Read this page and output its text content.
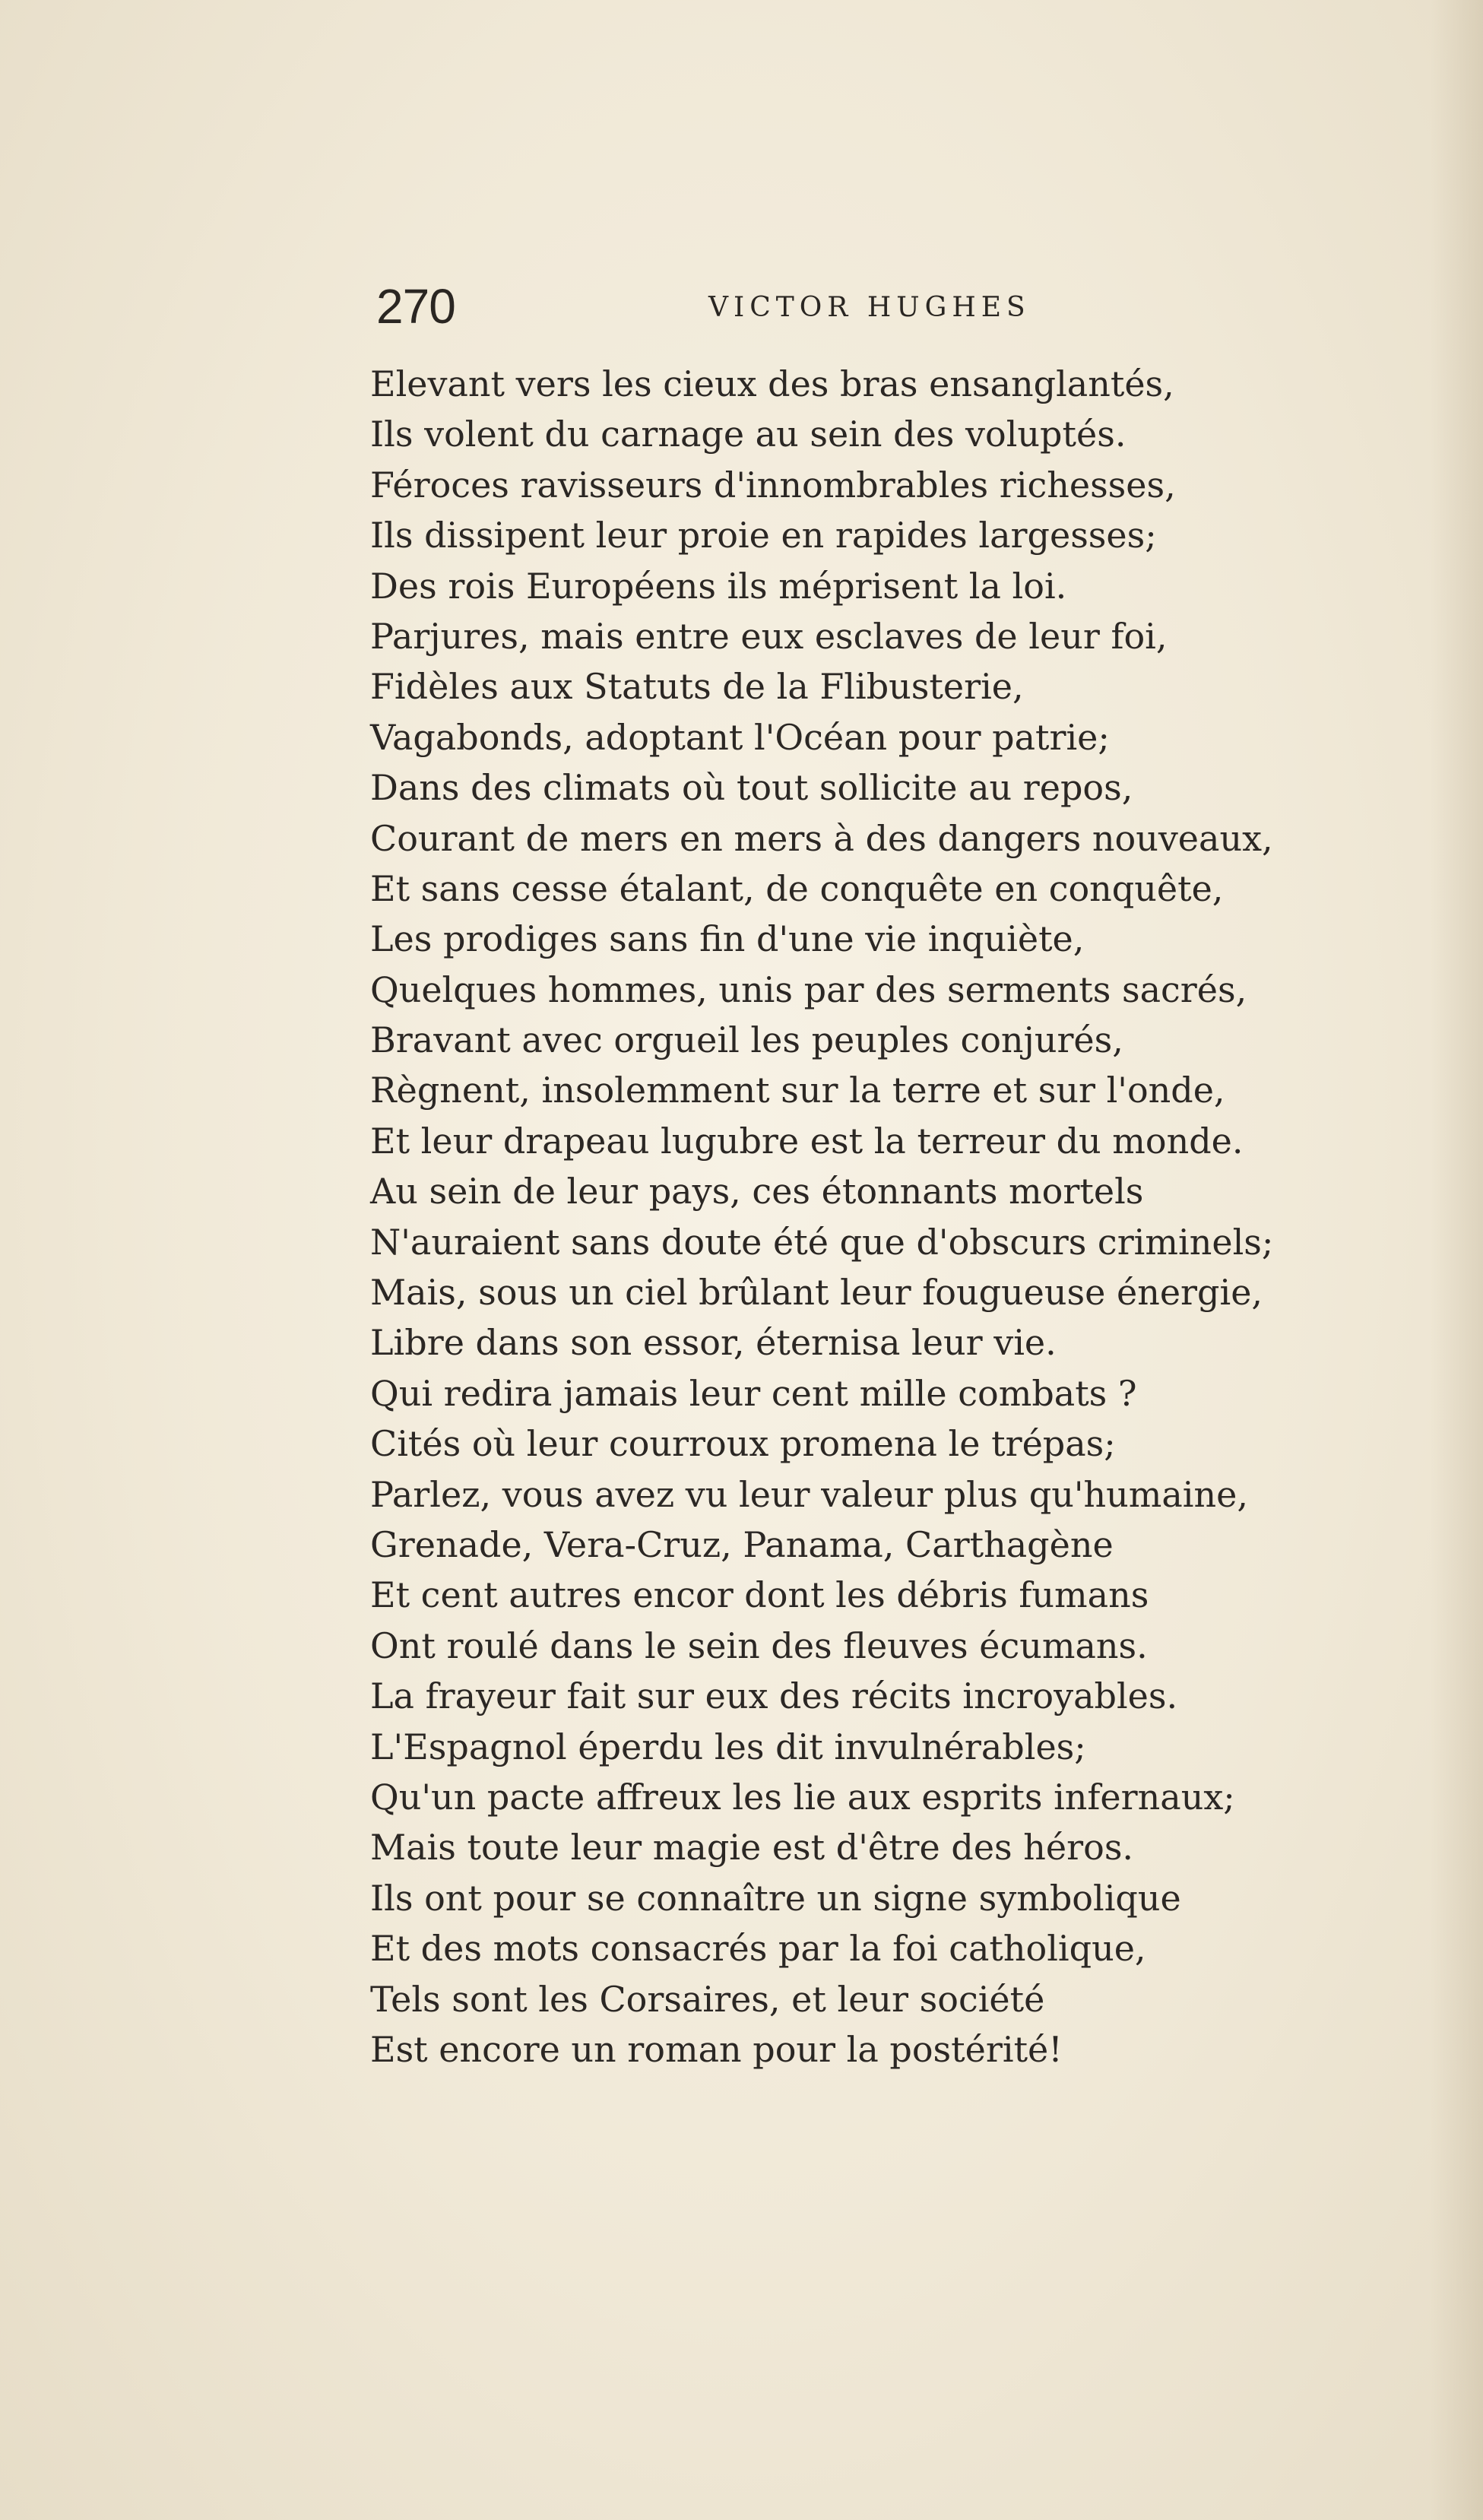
270	VICTOR HUGHES
Elevant vers les cieux des bras ensanglantés,
Ils volent du carnage au sein des voluptés.
Féroces ravisseurs d'innombrables richesses,
Ils dissipent leur proie en rapides largesses;
Des rois Européens ils méprisent la loi.
Parjures, mais entre eux esclaves de leur foi,
Fidèles aux Statuts de la Flibusterie,
Vagabonds, adoptant l'Océan pour patrie;
Dans des climats où tout sollicite au repos,
Courant de mers en mers à des dangers nouveaux,
Et sans cesse étalant, de conquête en conquête,
Les prodiges sans fin d'une vie inquiète,
Quelques hommes, unis par des serments sacrés,
Bravant avec orgueil les peuples conjurés,
Règnent, insolemment sur la terre et sur l'onde,
Et leur drapeau lugubre est la terreur du monde.
Au sein de leur pays, ces étonnants mortels
N'auraient sans doute été que d'obscurs criminels;
Mais, sous un ciel brûlant leur fougueuse énergie,
Libre dans son essor, éternisa leur vie.
Qui redira jamais leur cent mille combats ?
Cités où leur courroux promena le trépas;
Parlez, vous avez vu leur valeur plus qu'humaine,
Grenade, Vera-Cruz, Panama, Carthagène
Et cent autres encor dont les débris fumans
Ont roulé dans le sein des fleuves écumans.
La frayeur fait sur eux des récits incroyables.
L'Espagnol éperdu les dit invulnérables;
Qu'un pacte affreux les lie aux esprits infernaux;
Mais toute leur magie est d'être des héros.
Ils ont pour se connaître un signe symbolique
Et des mots consacrés par la foi catholique,
Tels sont les Corsaires, et leur société
Est encore un roman pour la postérité!
